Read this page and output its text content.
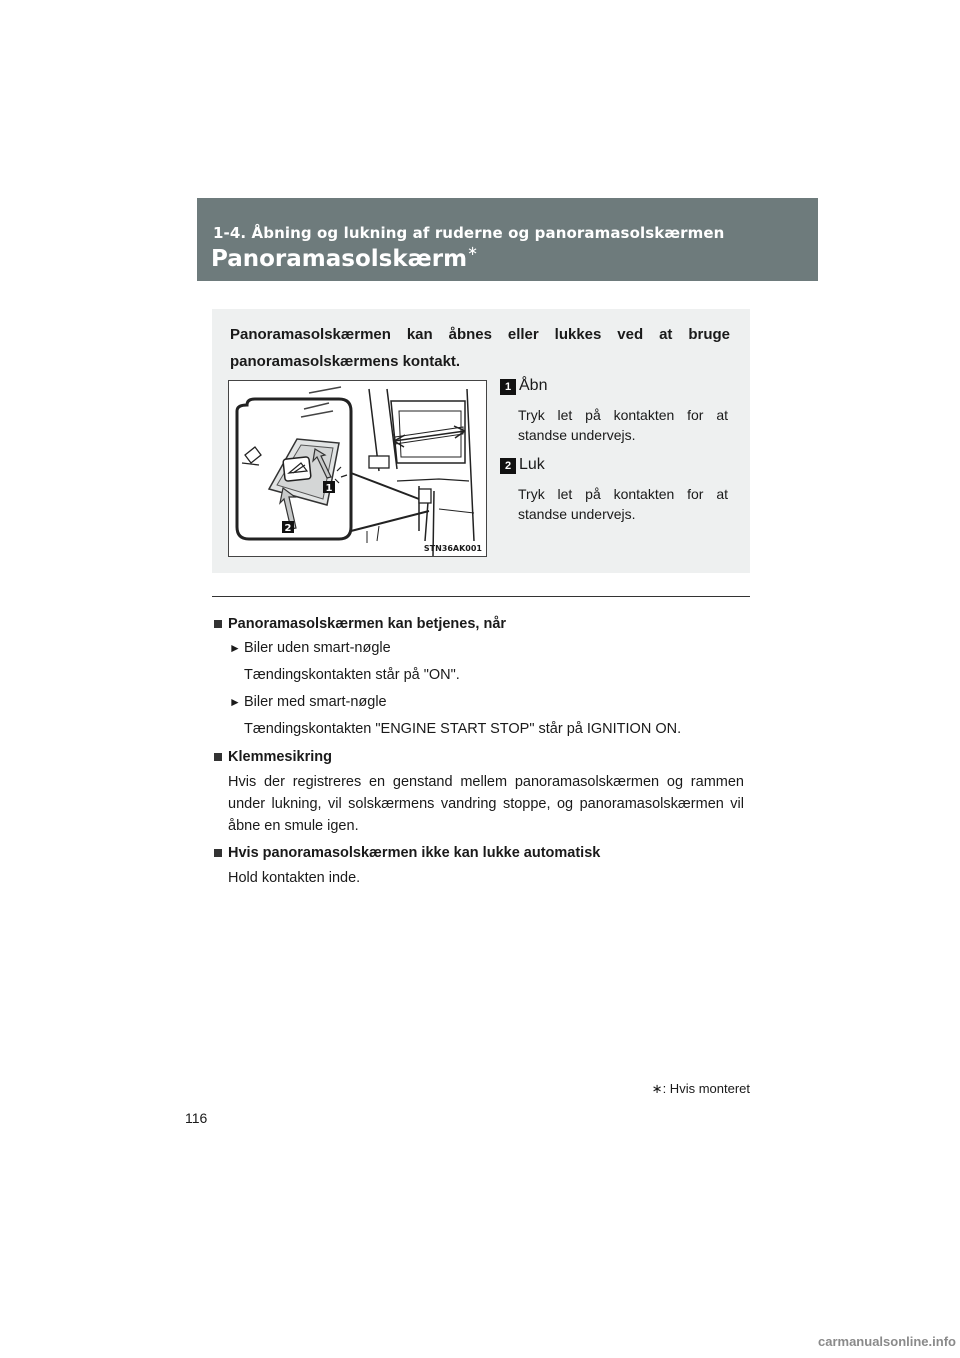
1-4. Åbning og lukning af ruderne og panoramasolskærmen
Panoramasolskærm∗
Panoramasolskærmen kan åbnes eller lukkes ved at bruge panoramasolskærmens kontakt.
1
2
STN36AK001
1 Åbn
Tryk let på kontakten for at standse undervejs.
2 Luk
Tryk let på kontakten for at standse undervejs.
Panoramasolskærmen kan betjenes, når
► Biler uden smart-nøgle
Tændingskontakten står på "ON".
► Biler med smart-nøgle
Tændingskontakten "ENGINE START STOP" står på IGNITION ON.
Klemmesikring
Hvis der registreres en genstand mellem panoramasolskærmen og rammen under lukning, vil solskærmens vandring stoppe, og panoramasolskærmen vil åbne en smule igen.
Hvis panoramasolskærmen ikke kan lukke automatisk
Hold kontakten inde.
∗: Hvis monteret
116
carmanualsonline.info
